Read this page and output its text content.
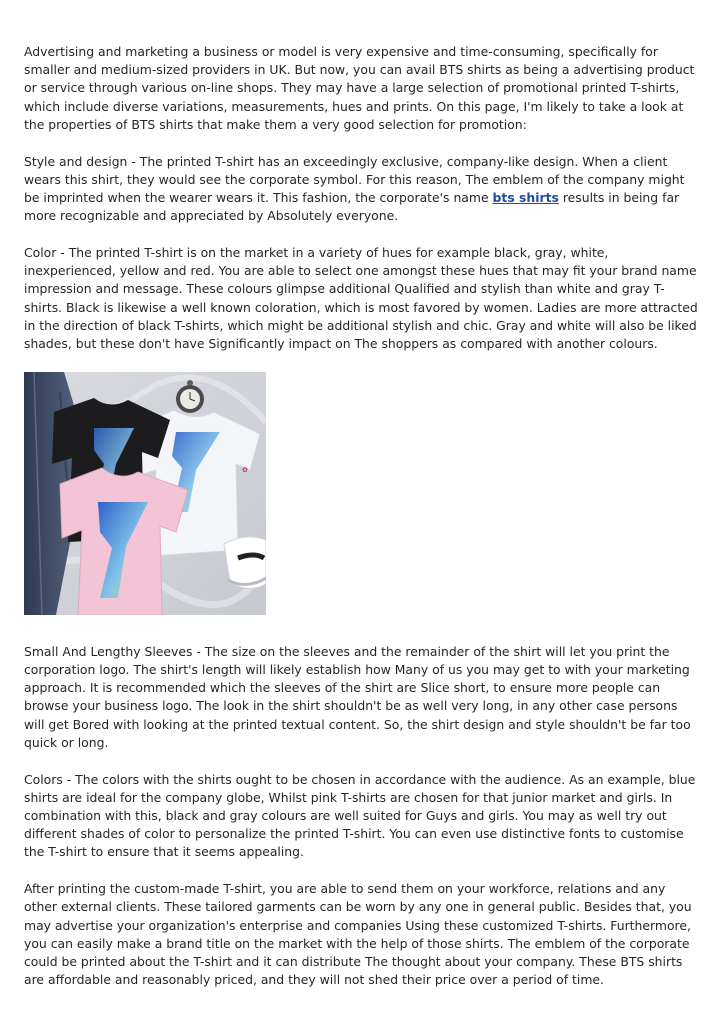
Advertising and marketing a business or model is very expensive and time-consuming, specifically for smaller and medium-sized providers in UK. But now, you can avail BTS shirts as being a advertising product or service through various on-line shops. They may have a large selection of promotional printed T-shirts, which include diverse variations, measurements, hues and prints. On this page, I'm likely to take a look at the properties of BTS shirts that make them a very good selection for promotion:

Style and design - The printed T-shirt has an exceedingly exclusive, company-like design. When a client wears this shirt, they would see the corporate symbol. For this reason, The emblem of the company might be imprinted when the wearer wears it. This fashion, the corporate's name bts shirts results in being far more recognizable and appreciated by Absolutely everyone.

Color - The printed T-shirt is on the market in a variety of hues for example black, gray, white, inexperienced, yellow and red. You are able to select one amongst these hues that may fit your brand name impression and message. These colours glimpse additional Qualified and stylish than white and gray T-shirts. Black is likewise a well known coloration, which is most favored by women. Ladies are more attracted in the direction of black T-shirts, which might be additional stylish and chic. Gray and white will also be liked shades, but these don't have Significantly impact on The shoppers as compared with another colours.

✿

Small And Lengthy Sleeves - The size on the sleeves and the remainder of the shirt will let you print the corporation logo. The shirt's length will likely establish how Many of us you may get to with your marketing approach. It is recommended which the sleeves of the shirt are Slice short, to ensure more people can browse your business logo. The look in the shirt shouldn't be as well very long, in any other case persons will get Bored with looking at the printed textual content. So, the shirt design and style shouldn't be far too quick or long.

Colors - The colors with the shirts ought to be chosen in accordance with the audience. As an example, blue shirts are ideal for the company globe, Whilst pink T-shirts are chosen for that junior market and girls. In combination with this, black and gray colours are well suited for Guys and girls. You may as well try out different shades of color to personalize the printed T-shirt. You can even use distinctive fonts to customise the T-shirt to ensure that it seems appealing.

After printing the custom-made T-shirt, you are able to send them on your workforce, relations and any other external clients. These tailored garments can be worn by any one in general public. Besides that, you may advertise your organization's enterprise and companies Using these customized T-shirts. Furthermore, you can easily make a brand title on the market with the help of those shirts. The emblem of the corporate could be printed about the T-shirt and it can distribute The thought about your company. These BTS shirts are affordable and reasonably priced, and they will not shed their price over a period of time.
